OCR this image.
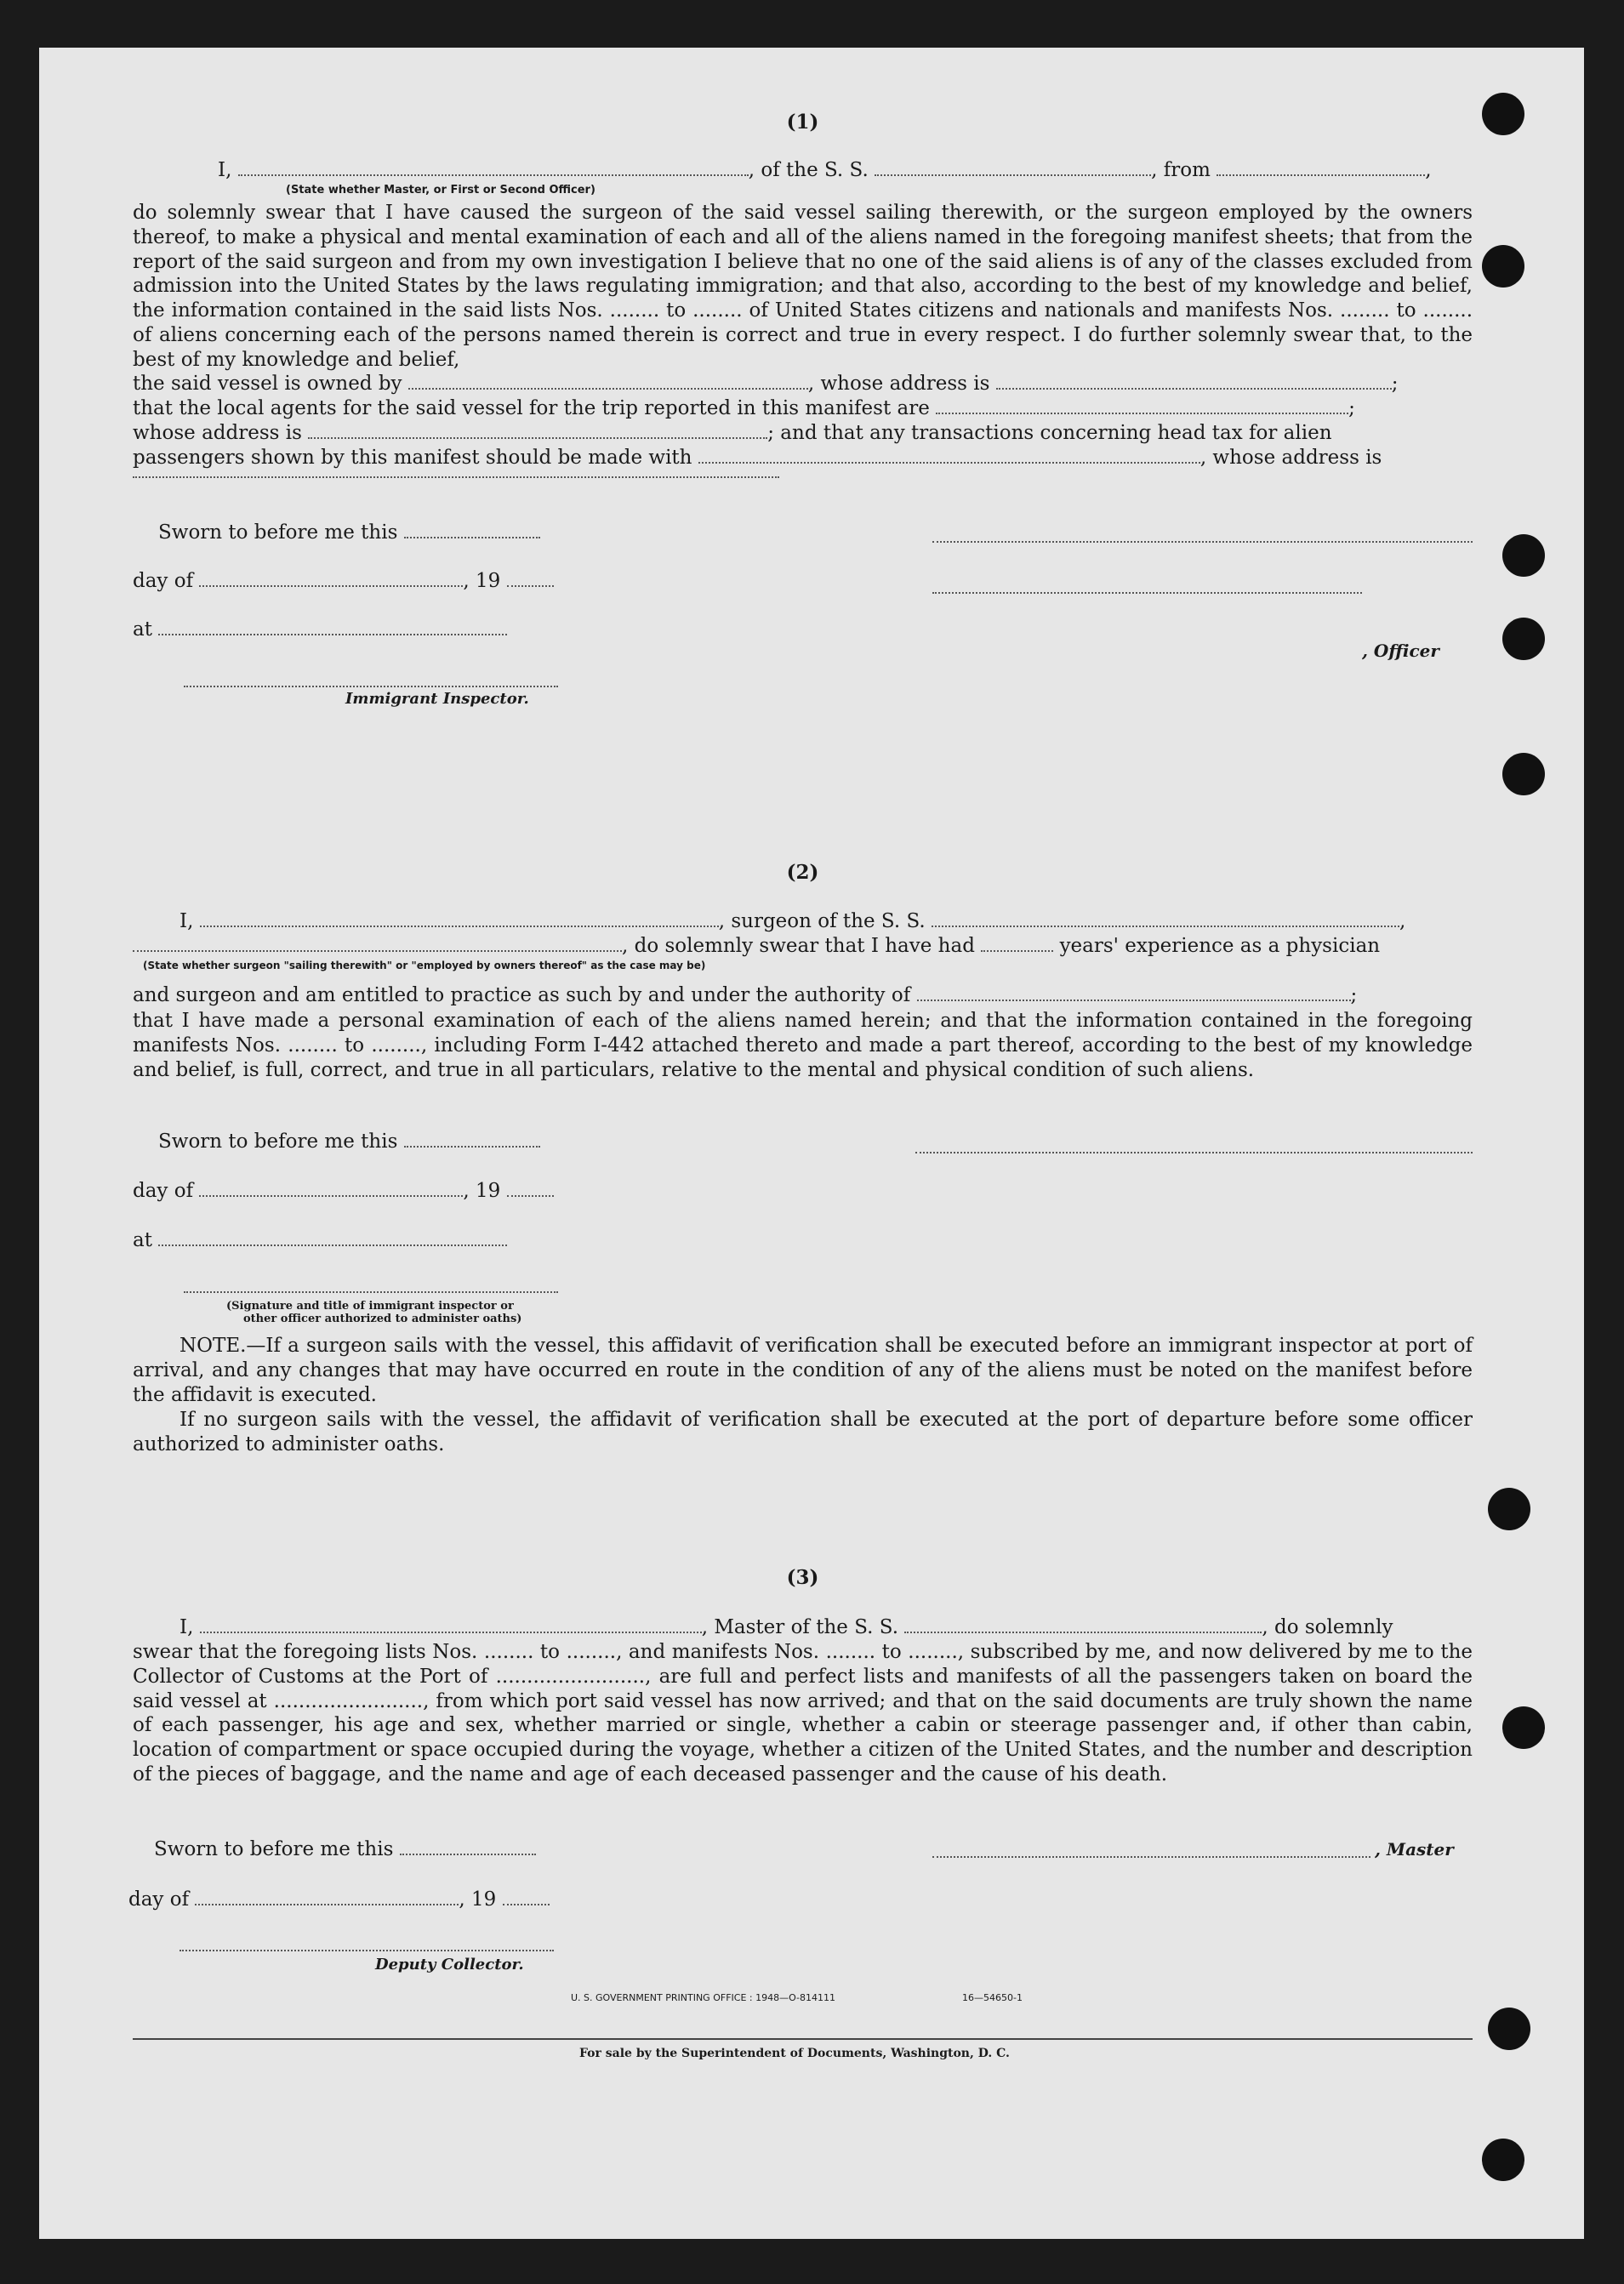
(1)
I,	, of the S. S.	, from	,
(State whether Master, or First or Second Officer)
do solemnly swear that I have caused the surgeon of the said vessel sailing therewith, or the surgeon employed by the owners thereof, to make a physical and mental examination of each and all of the aliens named in the foregoing manifest sheets; that from the report of the said surgeon and from my own investigation I believe that no one of the said aliens is of any of the classes excluded from admission into the United States by the laws regulating immigration; and that also, according to the best of my knowledge and belief, the information contained in the said lists Nos. ........ to ........ of United States citizens and nationals and manifests Nos. ........ to ........ of aliens concerning each of the persons named therein is correct and true in every respect. I do further solemnly swear that, to the best of my knowledge and belief,
the said vessel is owned by	, whose address is	;
that the local agents for the said vessel for the trip reported in this manifest are	;
whose address is	; and that any transactions concerning head tax for alien
passengers shown by this manifest should be made with	, whose address is
Sworn to before me this
day of	, 19
at
, Officer
Immigrant Inspector.
(2)
I,	, surgeon of the S. S.	,
, do solemnly swear that I have had	years' experience as a physician
(State whether surgeon "sailing therewith" or "employed by owners thereof" as the case may be)
and surgeon and am entitled to practice as such by and under the authority of	;
that I have made a personal examination of each of the aliens named herein; and that the information contained in the foregoing manifests Nos. ........ to ........, including Form I-442 attached thereto and made a part thereof, according to the best of my knowledge and belief, is full, correct, and true in all particulars, relative to the mental and physical condition of such aliens.
Sworn to before me this
day of	, 19
at
(Signature and title of immigrant inspector or
other officer authorized to administer oaths)
NOTE.—If a surgeon sails with the vessel, this affidavit of verification shall be executed before an immigrant inspector at port of arrival, and any changes that may have occurred en route in the condition of any of the aliens must be noted on the manifest before the affidavit is executed.
If no surgeon sails with the vessel, the affidavit of verification shall be executed at the port of departure before some officer authorized to administer oaths.
(3)
I,	, Master of the S. S.	, do solemnly
swear that the foregoing lists Nos. ........ to ........, and manifests Nos. ........ to ........, subscribed by me, and now delivered by me to the Collector of Customs at the Port of ........................, are full and perfect lists and manifests of all the passengers taken on board the said vessel at ........................, from which port said vessel has now arrived; and that on the said documents are truly shown the name of each passenger, his age and sex, whether married or single, whether a cabin or steerage passenger and, if other than cabin, location of compartment or space occupied during the voyage, whether a citizen of the United States, and the number and description of the pieces of baggage, and the name and age of each deceased passenger and the cause of his death.
Sworn to before me this	, Master
day of	, 19
Deputy Collector.
U. S. GOVERNMENT PRINTING OFFICE : 1948—O-814111	16—54650-1
For sale by the Superintendent of Documents, Washington, D. C.
